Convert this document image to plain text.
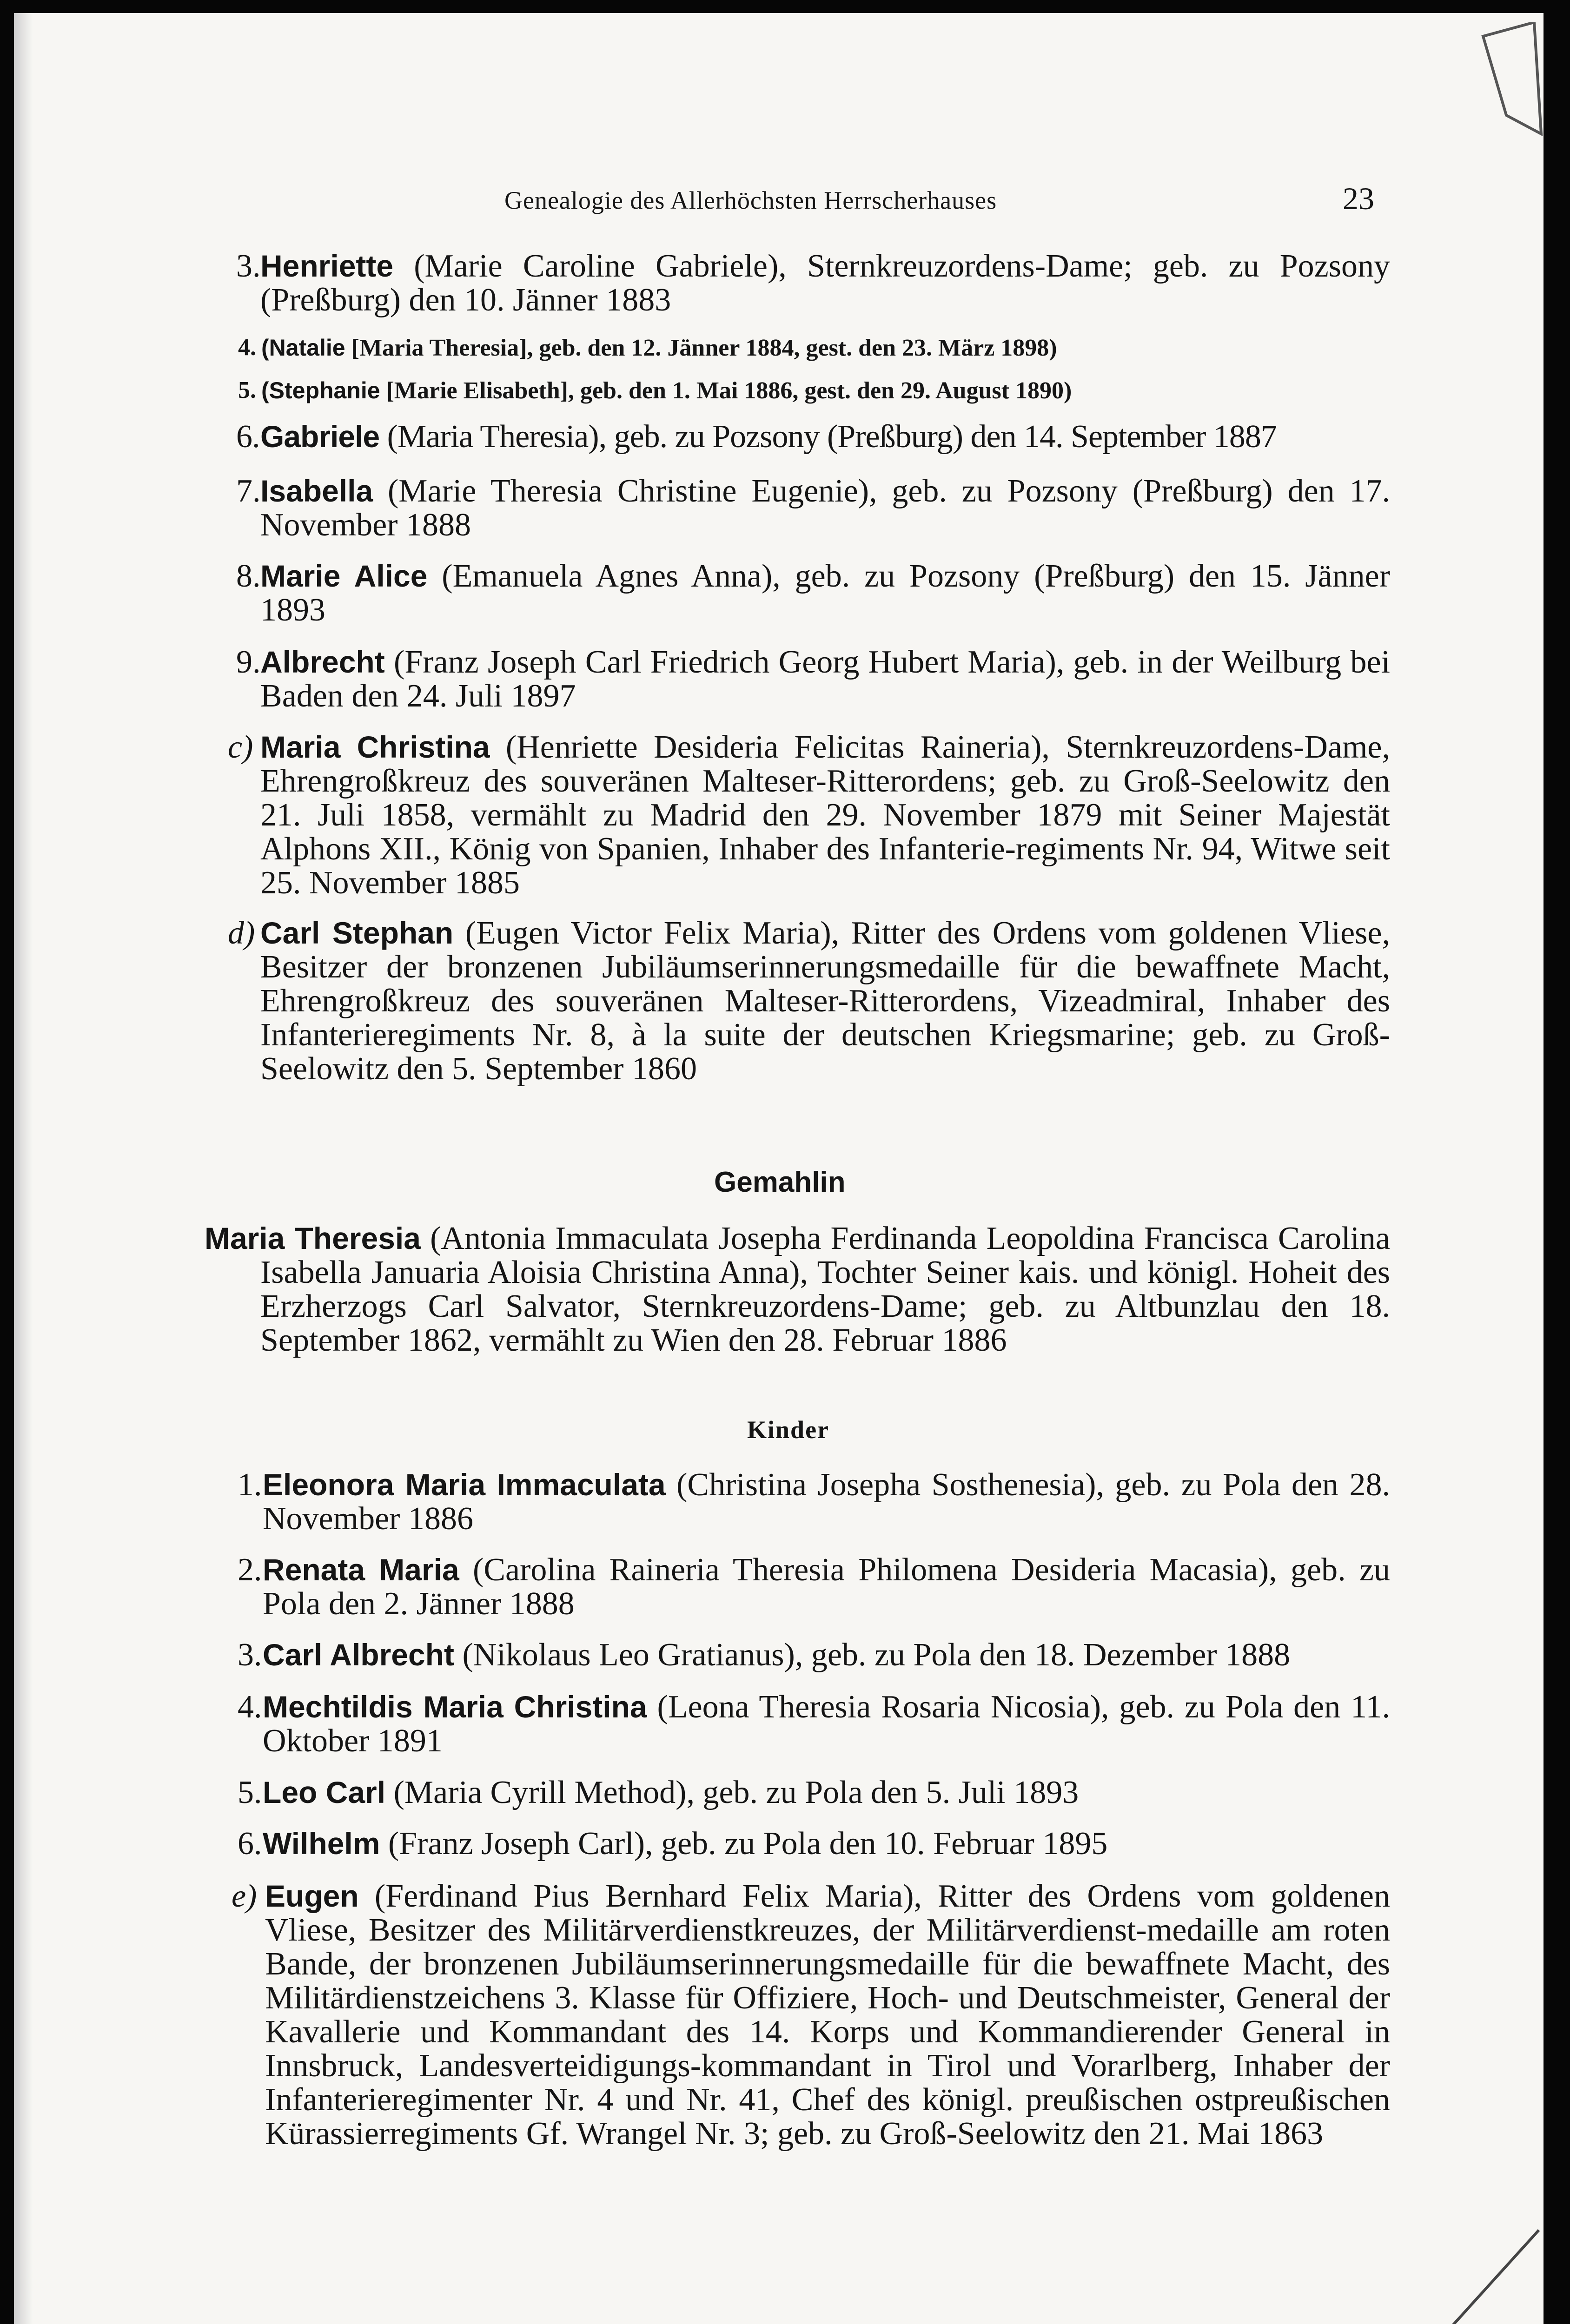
Genealogie des Allerhöchsten Herrscherhauses	23
3. Henriette (Marie Caroline Gabriele), Sternkreuzordens-Dame; geb. zu Pozsony (Preßburg) den 10. Jänner 1883
4. (Natalie [Maria Theresia], geb. den 12. Jänner 1884, gest. den 23. März 1898)
5. (Stephanie [Marie Elisabeth], geb. den 1. Mai 1886, gest. den 29. August 1890)
6. Gabriele (Maria Theresia), geb. zu Pozsony (Preßburg) den 14. September 1887
7. Isabella (Marie Theresia Christine Eugenie), geb. zu Pozsony (Preßburg) den 17. November 1888
8. Marie Alice (Emanuela Agnes Anna), geb. zu Pozsony (Preßburg) den 15. Jänner 1893
9. Albrecht (Franz Joseph Carl Friedrich Georg Hubert Maria), geb. in der Weilburg bei Baden den 24. Juli 1897
c) Maria Christina (Henriette Desideria Felicitas Raineria), Sternkreuzordens-Dame, Ehrengroßkreuz des souveränen Malteser-Ritterordens; geb. zu Groß-Seelowitz den 21. Juli 1858, vermählt zu Madrid den 29. November 1879 mit Seiner Majestät Alphons XII., König von Spanien, Inhaber des Infanterie-regiments Nr. 94, Witwe seit 25. November 1885
d) Carl Stephan (Eugen Victor Felix Maria), Ritter des Ordens vom goldenen Vliese, Besitzer der bronzenen Jubiläumserinnerungsmedaille für die bewaffnete Macht, Ehrengroßkreuz des souveränen Malteser-Ritterordens, Vizeadmiral, Inhaber des Infanterieregiments Nr. 8, à la suite der deutschen Kriegsmarine; geb. zu Groß-Seelowitz den 5. September 1860
Gemahlin
Maria Theresia (Antonia Immaculata Josepha Ferdinanda Leopoldina Francisca Carolina Isabella Januaria Aloisia Christina Anna), Tochter Seiner kais. und königl. Hoheit des Erzherzogs Carl Salvator, Sternkreuzordens-Dame; geb. zu Altbunzlau den 18. September 1862, vermählt zu Wien den 28. Februar 1886
Kinder
1. Eleonora Maria Immaculata (Christina Josepha Sosthenesia), geb. zu Pola den 28. November 1886
2. Renata Maria (Carolina Raineria Theresia Philomena Desideria Macasia), geb. zu Pola den 2. Jänner 1888
3. Carl Albrecht (Nikolaus Leo Gratianus), geb. zu Pola den 18. Dezember 1888
4. Mechtildis Maria Christina (Leona Theresia Rosaria Nicosia), geb. zu Pola den 11. Oktober 1891
5. Leo Carl (Maria Cyrill Method), geb. zu Pola den 5. Juli 1893
6. Wilhelm (Franz Joseph Carl), geb. zu Pola den 10. Februar 1895
e) Eugen (Ferdinand Pius Bernhard Felix Maria), Ritter des Ordens vom goldenen Vliese, Besitzer des Militärverdienstkreuzes, der Militärverdienst-medaille am roten Bande, der bronzenen Jubiläumserinnerungsmedaille für die bewaffnete Macht, des Militärdienstzeichens 3. Klasse für Offiziere, Hoch- und Deutschmeister, General der Kavallerie und Kommandant des 14. Korps und Kommandierender General in Innsbruck, Landesverteidigungs-kommandant in Tirol und Vorarlberg, Inhaber der Infanterieregimenter Nr. 4 und Nr. 41, Chef des königl. preußischen ostpreußischen Kürassierregiments Gf. Wrangel Nr. 3; geb. zu Groß-Seelowitz den 21. Mai 1863
